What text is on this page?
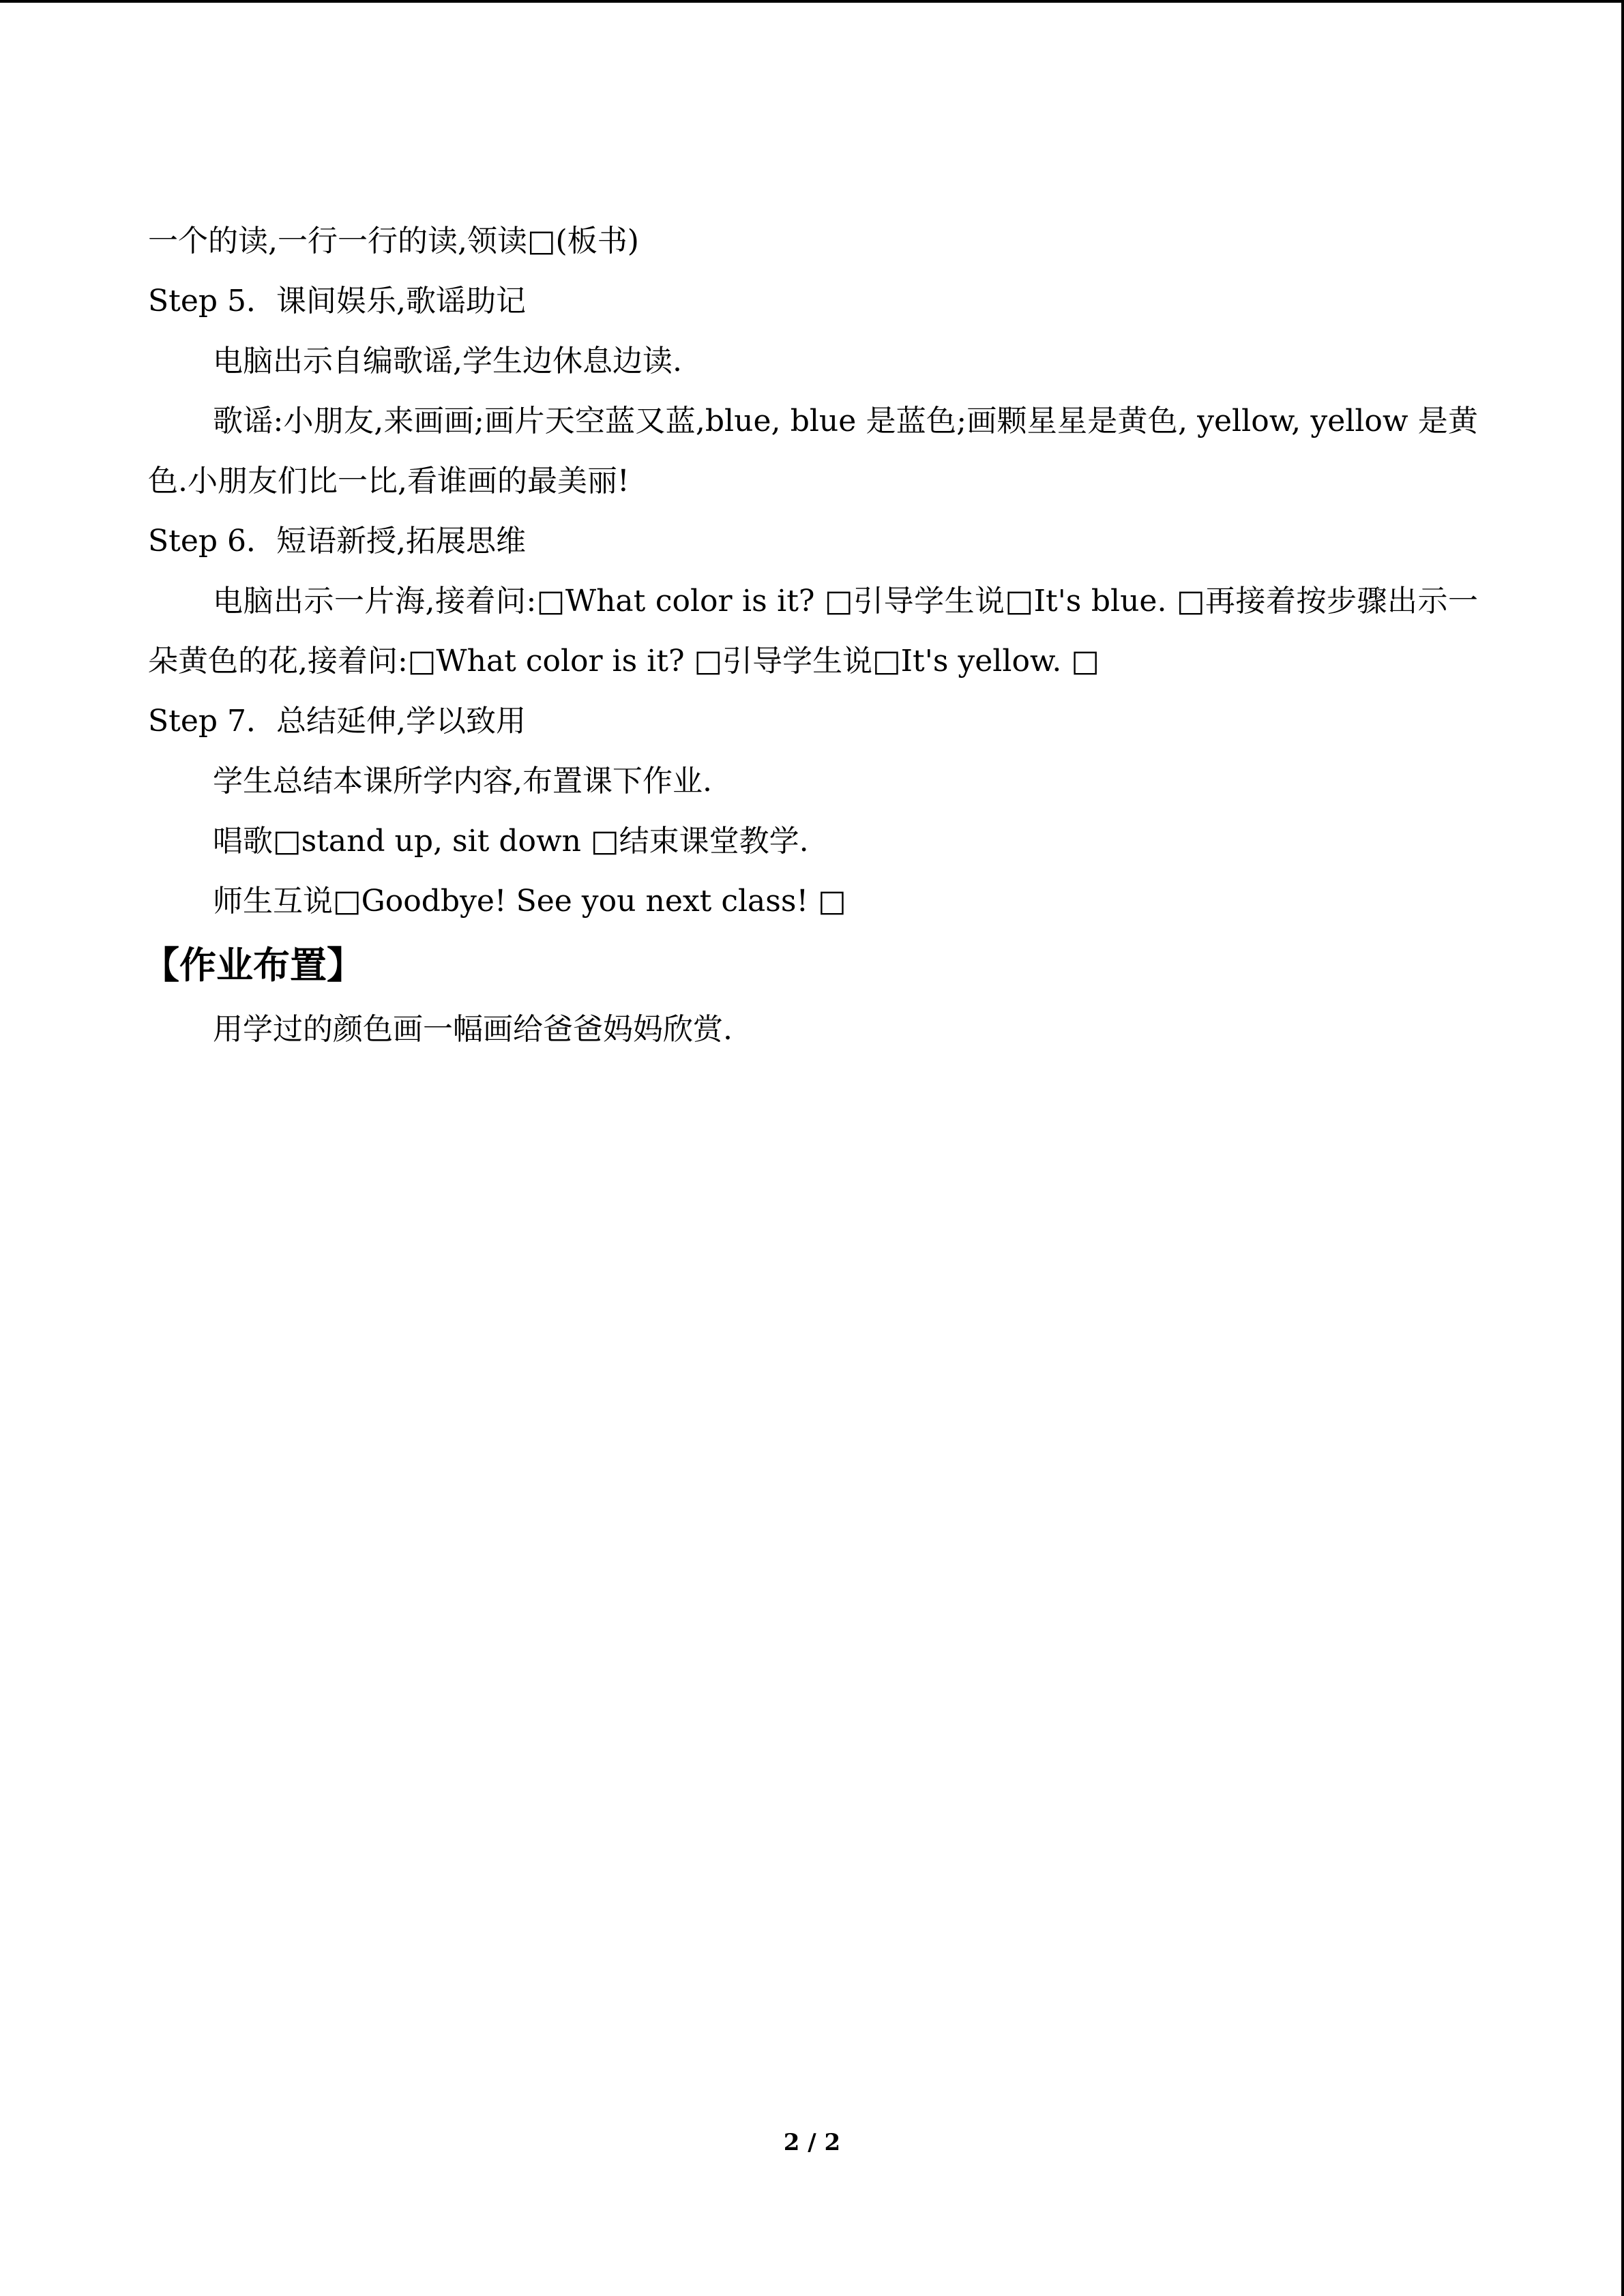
一个的读,一行一行的读,领读□(板书)
Step 5．课间娱乐,歌谣助记
电脑出示自编歌谣,学生边休息边读.
歌谣:小朋友,来画画;画片天空蓝又蓝,blue, blue 是蓝色;画颗星星是黄色, yellow, yellow 是黄色.小朋友们比一比,看谁画的最美丽!
Step 6．短语新授,拓展思维
电脑出示一片海,接着问:□What color is it? □引导学生说□It's blue. □再接着按步骤出示一朵黄色的花,接着问:□What color is it? □引导学生说□It's yellow. □
Step 7．总结延伸,学以致用
学生总结本课所学内容,布置课下作业.
唱歌□stand up, sit down □结束课堂教学.
师生互说□Goodbye! See you next class! □
【作业布置】
用学过的颜色画一幅画给爸爸妈妈欣赏.
2 / 2
